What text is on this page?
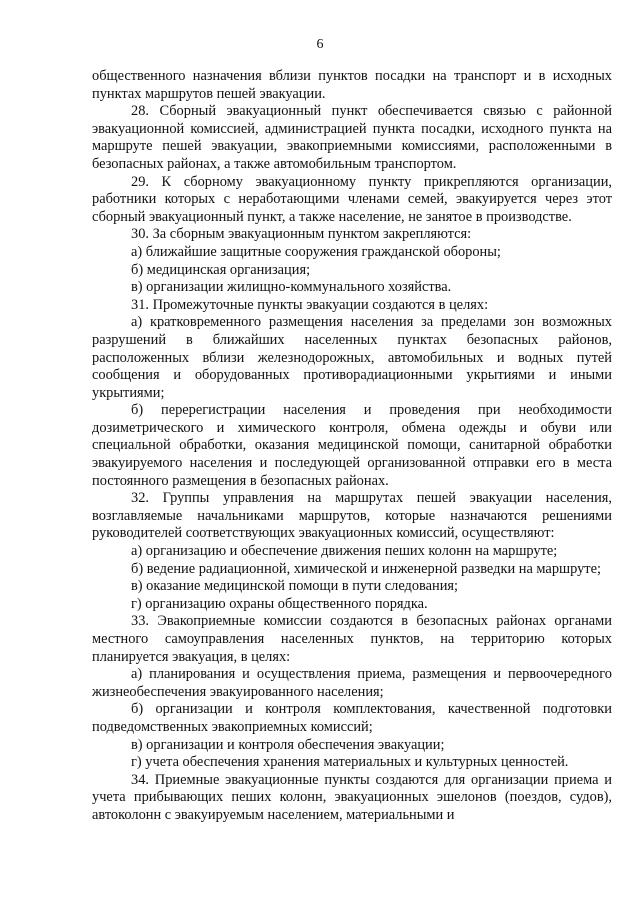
6

общественного назначения вблизи пунктов посадки на транспорт и в исходных пунктах маршрутов пешей эвакуации.

28. Сборный эвакуационный пункт обеспечивается связью с районной эвакуационной комиссией, администрацией пункта посадки, исходного пункта на маршруте пешей эвакуации, эвакоприемными комиссиями, расположенными в безопасных районах, а также автомобильным транспортом.

29. К сборному эвакуационному пункту прикрепляются организации, работники которых с неработающими членами семей, эвакуируется через этот сборный эвакуационный пункт, а также население, не занятое в производстве.

30. За сборным эвакуационным пунктом закрепляются:

а) ближайшие защитные сооружения гражданской обороны;

б) медицинская организация;

в) организации жилищно-коммунального хозяйства.

31. Промежуточные пункты эвакуации создаются в целях:

а) кратковременного размещения населения за пределами зон возможных разрушений в ближайших населенных пунктах безопасных районов, расположенных вблизи железнодорожных, автомобильных и водных путей сообщения и оборудованных противорадиационными укрытиями и иными укрытиями;

б) перерегистрации населения и проведения при необходимости дозиметрического и химического контроля, обмена одежды и обуви или специальной обработки, оказания медицинской помощи, санитарной обработки эвакуируемого населения и последующей организованной отправки его в места постоянного размещения в безопасных районах.

32. Группы управления на маршрутах пешей эвакуации населения, возглавляемые начальниками маршрутов, которые назначаются решениями руководителей соответствующих эвакуационных комиссий, осуществляют:

а) организацию и обеспечение движения пеших колонн на маршруте;

б) ведение радиационной, химической и инженерной разведки на маршруте;

в) оказание медицинской помощи в пути следования;

г) организацию охраны общественного порядка.

33. Эвакоприемные комиссии создаются в безопасных районах органами местного самоуправления населенных пунктов, на территорию которых планируется эвакуация, в целях:

а) планирования и осуществления приема, размещения и первоочередного жизнеобеспечения эвакуированного населения;

б) организации и контроля комплектования, качественной подготовки подведомственных эвакоприемных комиссий;

в) организации и контроля обеспечения эвакуации;

г) учета обеспечения хранения материальных и культурных ценностей.

34. Приемные эвакуационные пункты создаются для организации приема и учета прибывающих пеших колонн, эвакуационных эшелонов (поездов, судов), автоколонн с эвакуируемым населением, материальными и
